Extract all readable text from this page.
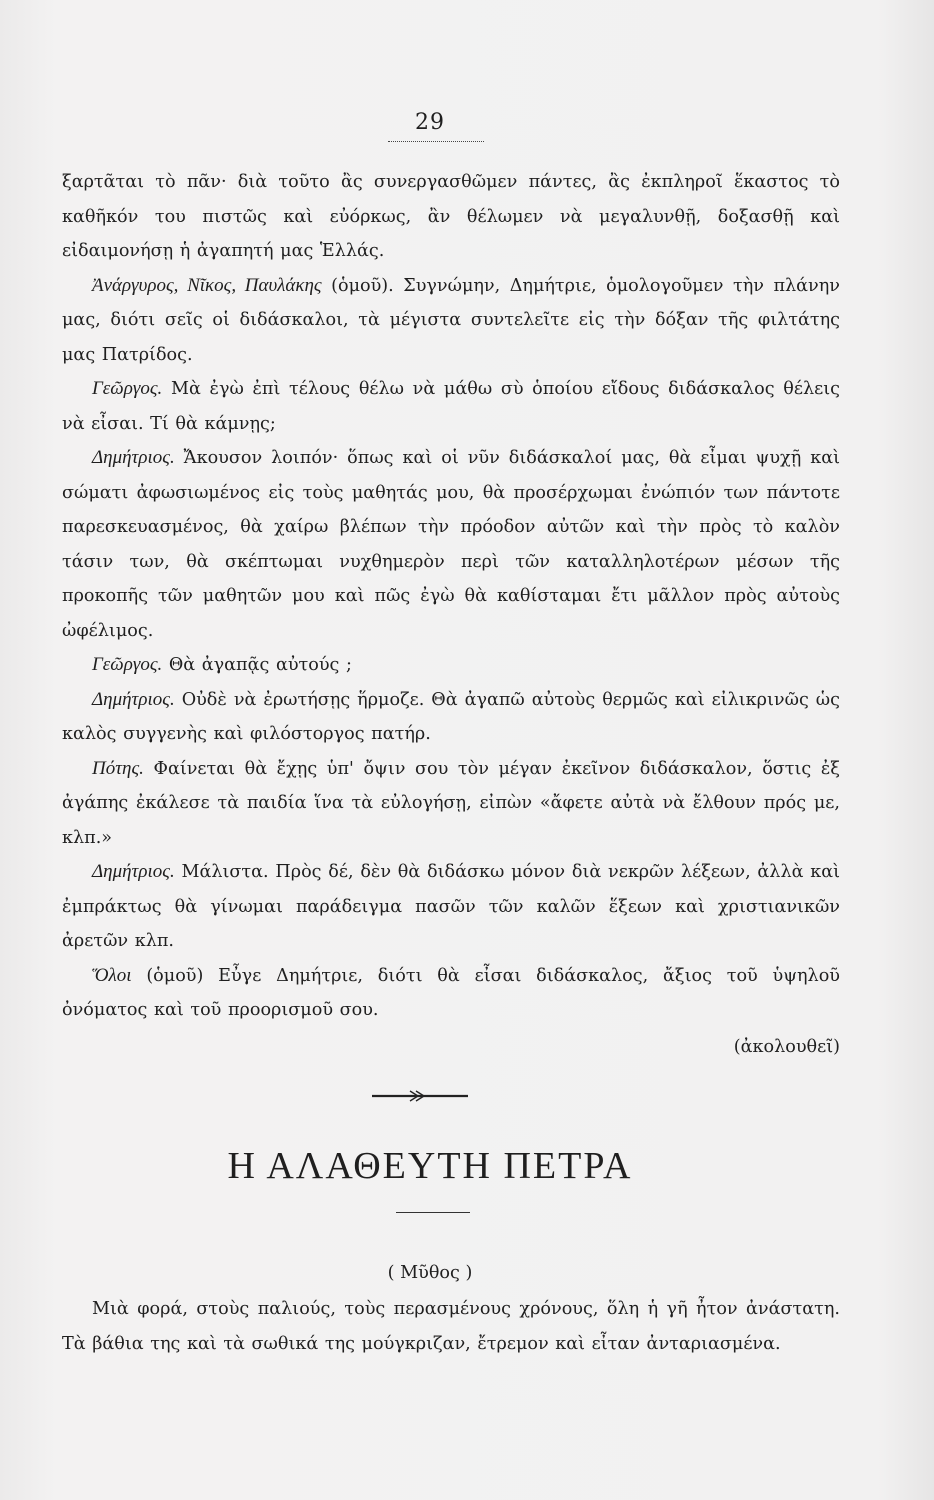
29

ξαρτᾶται τὸ πᾶν· διὰ τοῦτο ἂς συνεργασθῶμεν πάντες, ἂς ἐκπληροῖ ἕκαστος τὸ καθῆκόν του πιστῶς καὶ εὐόρκως, ἂν θέλωμεν νὰ μεγαλυνθῇ, δοξασθῇ καὶ εἰδαιμονήσῃ ἡ ἀγαπητή μας Ἑλλάς.

Ἀνάργυρος, Νῖκος, Παυλάκης (ὁμοῦ). Συγνώμην, Δημήτριε, ὁμολογοῦμεν τὴν πλάνην μας, διότι σεῖς οἱ διδάσκαλοι, τὰ μέγιστα συντελεῖτε εἰς τὴν δόξαν τῆς φιλτάτης μας Πατρίδος.

Γεῶργος. Μὰ ἐγὼ ἐπὶ τέλους θέλω νὰ μάθω σὺ ὁποίου εἴδους διδάσκαλος θέλεις νὰ εἶσαι. Τί θὰ κάμνῃς;

Δημήτριος. Ἄκουσον λοιπόν· ὅπως καὶ οἱ νῦν διδάσκαλοί μας, θὰ εἶμαι ψυχῇ καὶ σώματι ἀφωσιωμένος εἰς τοὺς μαθητάς μου, θὰ προσέρχωμαι ἐνώπιόν των πάντοτε παρεσκευασμένος, θὰ χαίρω βλέπων τὴν πρόοδον αὐτῶν καὶ τὴν πρὸς τὸ καλὸν τάσιν των, θὰ σκέπτωμαι νυχθημερὸν περὶ τῶν καταλληλοτέρων μέσων τῆς προκοπῆς τῶν μαθητῶν μου καὶ πῶς ἐγὼ θὰ καθίσταμαι ἔτι μᾶλλον πρὸς αὐτοὺς ὠφέλιμος.

Γεῶργος. Θὰ ἀγαπᾷς αὐτούς ;

Δημήτριος. Οὐδὲ νὰ ἐρωτήσῃς ἥρμοζε. Θὰ ἀγαπῶ αὐτοὺς θερμῶς καὶ εἰλικρινῶς ὡς καλὸς συγγενὴς καὶ φιλόστοργος πατήρ.

Πότης. Φαίνεται θὰ ἔχῃς ὑπ' ὄψιν σου τὸν μέγαν ἐκεῖνον διδάσκαλον, ὅστις ἐξ ἀγάπης ἐκάλεσε τὰ παιδία ἵνα τὰ εὐλογήσῃ, εἰπὼν «ἄφετε αὐτὰ νὰ ἔλθουν πρός με, κλπ.»

Δημήτριος. Μάλιστα. Πρὸς δέ, δὲν θὰ διδάσκω μόνον διὰ νεκρῶν λέξεων, ἀλλὰ καὶ ἐμπράκτως θὰ γίνωμαι παράδειγμα πασῶν τῶν καλῶν ἕξεων καὶ χριστιανικῶν ἀρετῶν κλπ.

Ὅλοι (ὁμοῦ) Εὖγε Δημήτριε, διότι θὰ εἶσαι διδάσκαλος, ἄξιος τοῦ ὑψηλοῦ ὀνόματος καὶ τοῦ προορισμοῦ σου.

(ἀκολουθεῖ)

Η ΑΛΑΘΕΥΤΗ ΠΕΤΡΑ

( Μῦθος )

Μιὰ φορά, στοὺς παλιούς, τοὺς περασμένους χρόνους, ὅλη ἡ γῆ ἦτον ἀνάστατη. Τὰ βάθια της καὶ τὰ σωθικά της μούγκριζαν, ἔτρεμον καὶ εἶταν ἀνταριασμένα.
